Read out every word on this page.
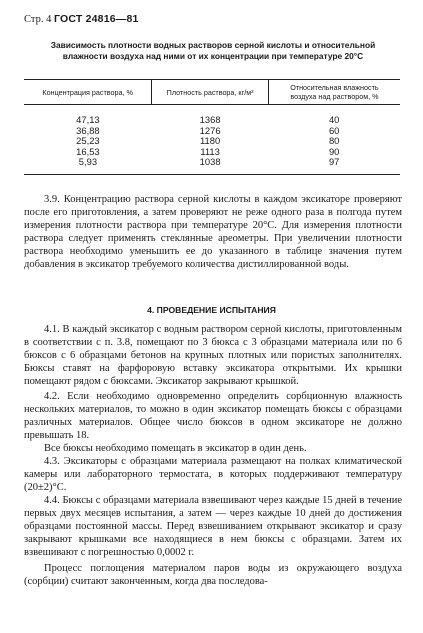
Стр. 4 ГОСТ 24816—81
Зависимость плотности водных растворов серной кислоты и относительной влажности воздуха над ними от их концентрации при температуре 20°С
Концентрация раствора, %	Плотность раствора, кг/м³	Относительная влажность воздуха над раствором, %
47,13	1368	40
36,88	1276	60
25,23	1180	80
16,53	1113	90
5,93	1038	97

3.9. Концентрацию раствора серной кислоты в каждом эксикаторе проверяют после его приготовления, а затем проверяют не реже одного раза в полгода путем измерения плотности раствора при температуре 20°С. Для измерения плотности раствора следует применять стеклянные ареометры. При увеличении плотности раствора необходимо уменьшить ее до указанного в таблице значения путем добавления в эксикатор требуемого количества дистиллированной воды.

4. ПРОВЕДЕНИЕ ИСПЫТАНИЯ

4.1. В каждый эксикатор с водным раствором серной кислоты, приготовленным в соответствии с п. 3.8, помещают по 3 бюкса с 3 образцами материала или по 6 бюксов с 6 образцами бетонов на крупных плотных или пористых заполнителях. Бюксы ставят на фарфоровую вставку эксикатора открытыми. Их крышки помещают рядом с бюксами. Эксикатор закрывают крышкой.

4.2. Если необходимо одновременно определить сорбционную влажность нескольких материалов, то можно в один эксикатор помещать бюксы с образцами различных материалов. Общее число бюксов в одном эксикаторе не должно превышать 18.

Все бюксы необходимо помещать в эксикатор в один день.

4.3. Эксикаторы с образцами материала размещают на полках климатической камеры или лабораторного термостата, в которых поддерживают температуру (20±2)°С.

4.4. Бюксы с образцами материала взвешивают через каждые 15 дней в течение первых двух месяцев испытания, а затем — через каждые 10 дней до достижения образцами постоянной массы. Перед взвешиванием открывают эксикатор и сразу закрывают крышками все находящиеся в нем бюксы с образцами. Затем их взвешивают с погрешностью 0,0002 г.

Процесс поглощения материалом паров воды из окружающего воздуха (сорбции) считают законченным, когда два последова-
